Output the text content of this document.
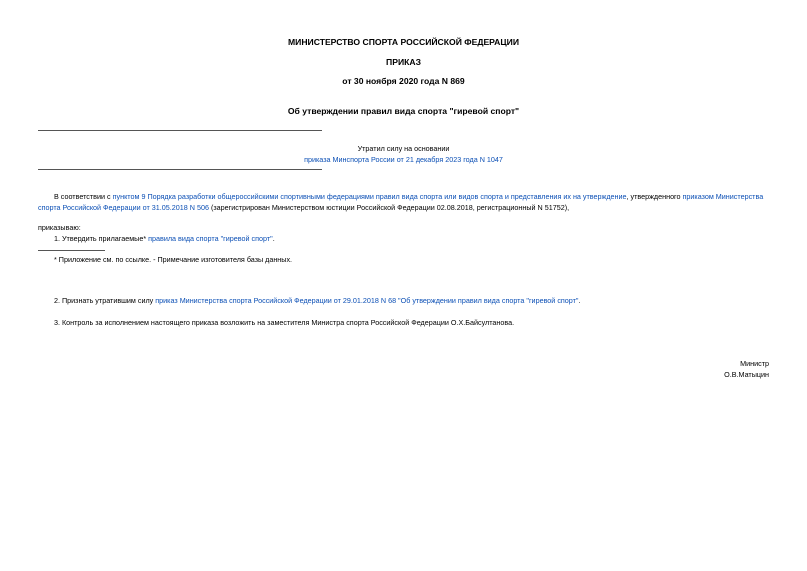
МИНИСТЕРСТВО СПОРТА РОССИЙСКОЙ ФЕДЕРАЦИИ
ПРИКАЗ
от 30 ноября 2020 года N 869
Об утверждении правил вида спорта "гиревой спорт"
Утратил силу на основании
приказа Минспорта России от 21 декабря 2023 года N 1047

В соответствии с пунктом 9 Порядка разработки общероссийскими спортивными федерациями правил вида спорта или видов спорта и представления их на утверждение, утвержденного приказом Министерства спорта Российской Федерации от 31.05.2018 N 506 (зарегистрирован Министерством юстиции Российской Федерации 02.08.2018, регистрационный N 51752),

приказываю:

1. Утвердить прилагаемые* правила вида спорта "гиревой спорт".

* Приложение см. по ссылке. - Примечание изготовителя базы данных.

2. Признать утратившим силу приказ Министерства спорта Российской Федерации от 29.01.2018 N 68 "Об утверждении правил вида спорта "гиревой спорт".

3. Контроль за исполнением настоящего приказа возложить на заместителя Министра спорта Российской Федерации О.Х.Байсултанова.

Министр
О.В.Матыцин
